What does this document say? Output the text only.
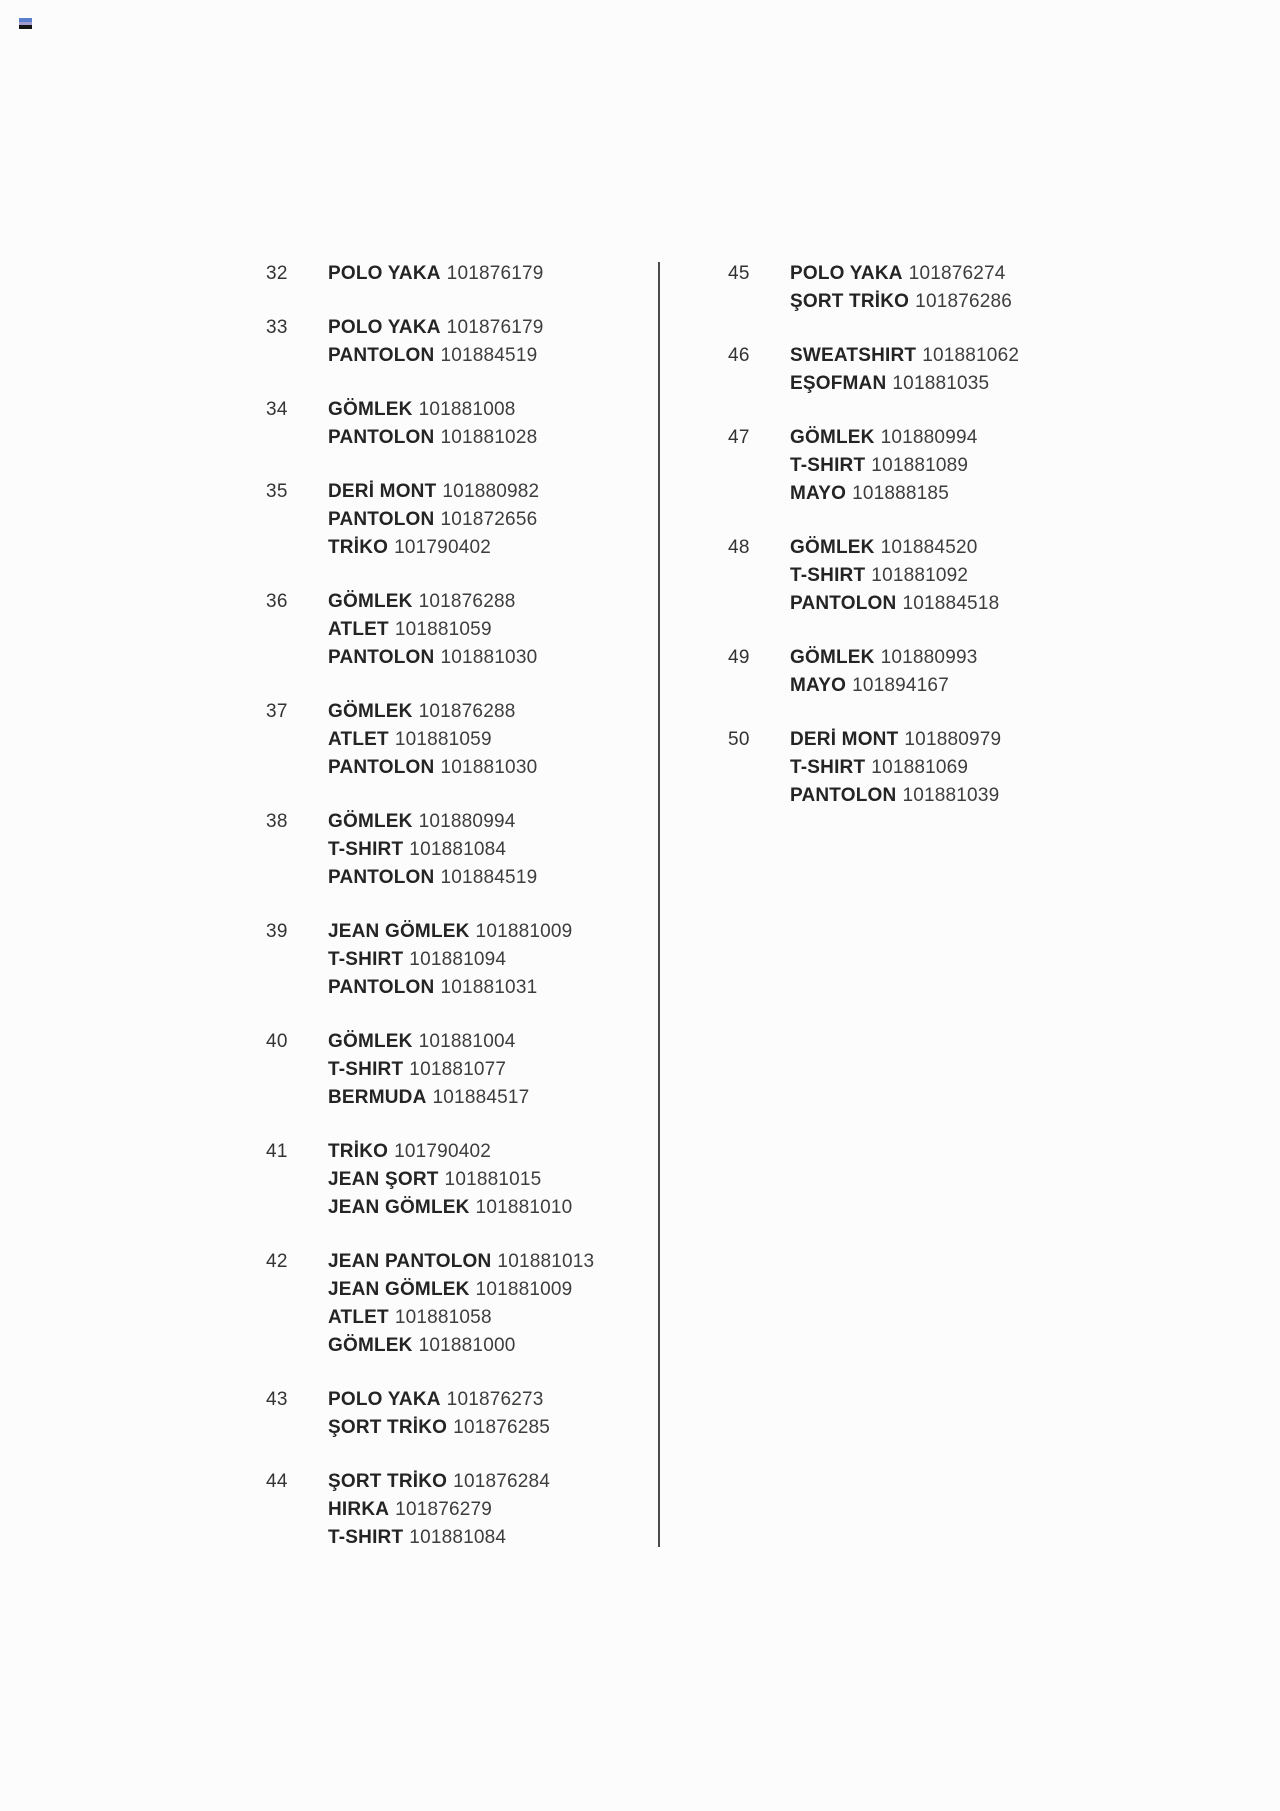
32	POLO YAKA 101876179
33	POLO YAKA 101876179
PANTOLON 101884519
34	GÖMLEK 101881008
PANTOLON 101881028
35	DERİ MONT 101880982
PANTOLON 101872656
TRİKO 101790402
36	GÖMLEK 101876288
ATLET 101881059
PANTOLON 101881030
37	GÖMLEK 101876288
ATLET 101881059
PANTOLON 101881030
38	GÖMLEK 101880994
T-SHIRT 101881084
PANTOLON 101884519
39	JEAN GÖMLEK 101881009
T-SHIRT 101881094
PANTOLON 101881031
40	GÖMLEK 101881004
T-SHIRT 101881077
BERMUDA 101884517
41	TRİKO 101790402
JEAN ŞORT 101881015
JEAN GÖMLEK 101881010
42	JEAN PANTOLON 101881013
JEAN GÖMLEK 101881009
ATLET 101881058
GÖMLEK 101881000
43	POLO YAKA 101876273
ŞORT TRİKO 101876285
44	ŞORT TRİKO 101876284
HIRKA 101876279
T-SHIRT 101881084
45	POLO YAKA 101876274
ŞORT TRİKO 101876286
46	SWEATSHIRT 101881062
EŞOFMAN 101881035
47	GÖMLEK 101880994
T-SHIRT 101881089
MAYO 101888185
48	GÖMLEK 101884520
T-SHIRT 101881092
PANTOLON 101884518
49	GÖMLEK 101880993
MAYO 101894167
50	DERİ MONT 101880979
T-SHIRT 101881069
PANTOLON 101881039
